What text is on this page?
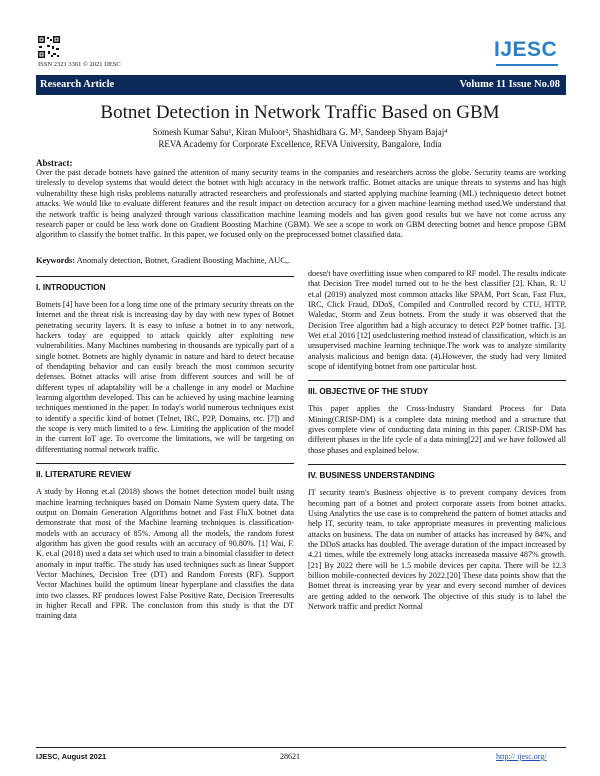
ISSN 2321 3361 © 2021 IJESC
IJESC
Research Article	Volume 11 Issue No.08
Botnet Detection in Network Traffic Based on GBM
Somesh Kumar Sahu¹, Kiran Muloor², Shashidhara G. M³, Sandeep Shyam Bajaj⁴
REVA Academy for Corporate Excellence, REVA University, Bangalore, India
Abstract:
Over the past decade botnets have gained the attention of many security teams in the companies and researchers across the globe. Security teams are working tirelessly to develop systems that would detect the botnet with high accuracy in the network traffic. Botnet attacks are unique threats to systems and has high vulnerability these high risks problems naturally attracted researchers and professionals and started applying machine learning (ML) techniquesto detect botnet attacks. We would like to evaluate different features and the result impact on detection accuracy for a given machine learning method used.We understand that the network traffic is being analyzed through various classification machine learning models and has given good results but we have not come across any research paper or could be less work done on Gradient Boosting Machine (GBM). We see a scope to work on GBM detecting botnet and hence propose GBM algorithm to classify the botnet traffic. In this paper, we focused only on the preprocessed botnet classified data.
Keywords: Anomaly detection, Botnet, Gradient Boosting Machine, AUC,.
I. INTRODUCTION
Botnets [4] have been for a long time one of the primary security threats on the Internet and the threat risk is increasing day by day with new types of Botnet penetrating security layers. It is easy to infuse a botnet in to any network, hackers today are equipped to attack quickly after exploiting new vulnerabilities. Many Machines numbering in thousands are typically part of a single botnet. Botnets are highly dynamic in nature and hard to detect because of thendapting behavior and can easily breach the most common security defenses. Botnet attacks will arise from different sources and will be of different types of adaptability will be a challenge in any model or Machine learning algorithm developed. This can be achieved by using machine learning techniques mentioned in the paper. In today's world numerous techniques exist to identify a specific kind of botnet (Telnet, IRC, P2P, Domains, etc. [7]) and the scope is very much limited to a few. Limiting the application of the model in the current IoT age. To overcome the limitations, we will be targeting on differentiating normal network traffic.
II. LITERATURE REVIEW
A study by Honng et.al (2018) shows the botnet detection model built using machine learning techniques based on Domain Name System query data. The output on Domain Generation Algorithms botnet and Fast FluX botnet data demonstrate that most of the Machine learning techniques is classification- models with an accuracy of 85%. Among all the models, the random forest algorithm has given the good results with an accuracy of 90.80%. [1] Wai, F. K. et.al (2018) used a data set which used to train a binomial classifier to detect anomaly in input traffic. The study has used techniques such as linear Support Vector Machines, Decision Tree (DT) and Random Forests (RF). Support Vector Machines build the optimum linear hyperplane and classifies the data into two classes. RF produces lowest False Positive Rate, Decision Treeresults in higher Recall and FPR. The conclusion from this study is that the DT training data
doesn't have overfitting issue when compared to RF model. The results indicate that Decision Tree model turned out to be the best classifier [2]. Khan, R. U et.al (2019) analyzed most common attacks like SPAM, Port Scan, Fast Flux, IRC, Click Fraud, DDoS, Compiled and Controlled record by CTU, HTTP, Waledac, Storm and Zeus botnets. From the study it was observed that the Decision Tree algorithm had a high accuracy to detect P2P botnet traffic. [3]. Wei et.al 2016 [12] usedclustering method instead of classification, which is an unsupervised machine learning technique.The work was to analyze similarity analysis malicious and benign data. (4).However, the study had very limited scope of identifying botnet from one particular host.
III. OBJECTIVE OF THE STUDY
This paper applies the Cross-Industry Standard Process for Data Mining(CRISP-DM) is a complete data mining method and a structure that gives complete view of conducting data mining in this paper. CRISP-DM has different phases in the life cycle of a data mining[22] and we have followed all those phases and explained below.
IV. BUSINESS UNDERSTANDING
IT security team's Business objective is to prevent company devices from becoming part of a botnet and protect corporate assets from botnet attacks. Using Analytics the use case is to comprehend the pattern of botnet attacks and help IT, security team, to take appropriate measures in preventing malicious attacks on business. The data on number of attacks has increased by 84%, and the DDoS attacks has doubled. The average duration of the impact increased by 4.21 times, while the extremely long attacks increasedа massive 487% growth.[21] By 2022 there will be 1.5 mobile devices per capita. There will be 12.3 billion mobile-connected devices by 2022.[20] These data points show that the Botnet threat is increasing year by year and every second number of devices are getting added to the network The objective of this study is to label the Network traffic and predict Normal
IJESC, August 2021	28621	http:// ijesc.org/
